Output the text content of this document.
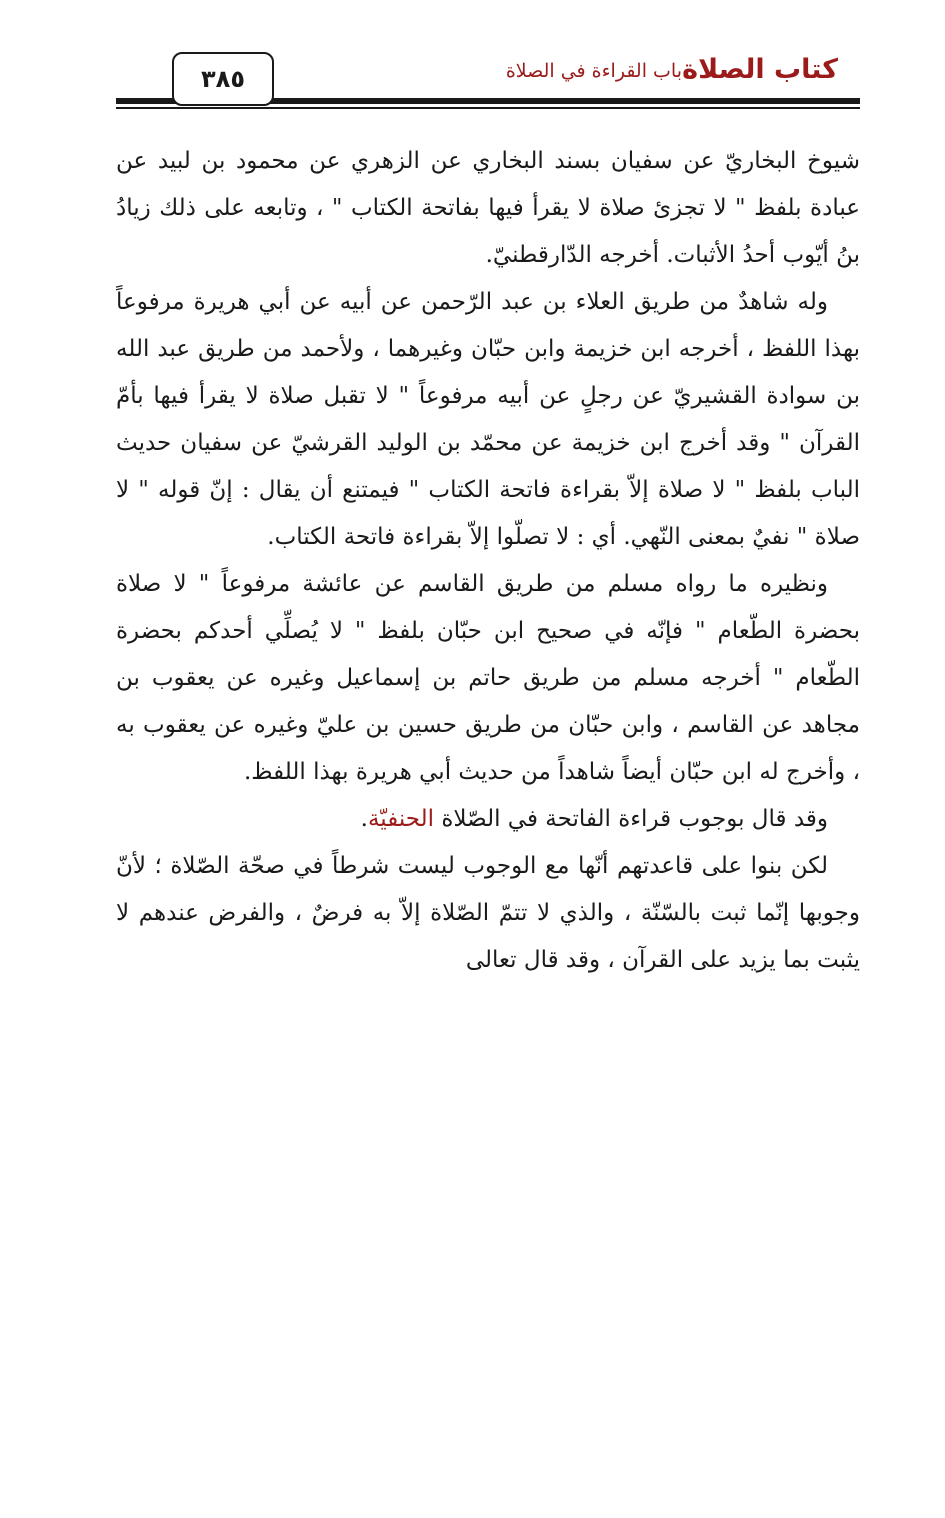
كتاب الصلاة
باب القراءة في الصلاة
٣٨٥

شيوخ البخاريّ عن سفيان بسند البخاري عن الزهري عن محمود بن لبيد عن عبادة بلفظ " لا تجزئ صلاة لا يقرأ فيها بفاتحة الكتاب " ، وتابعه على ذلك زيادُ بنُ أيّوب أحدُ الأثبات. أخرجه الدّارقطنيّ.

وله شاهدٌ من طريق العلاء بن عبد الرّحمن عن أبيه عن أبي هريرة مرفوعاً بهذا اللفظ ، أخرجه ابن خزيمة وابن حبّان وغيرهما ، ولأحمد من طريق عبد الله بن سوادة القشيريّ عن رجلٍ عن أبيه مرفوعاً " لا تقبل صلاة لا يقرأ فيها بأمّ القرآن " وقد أخرج ابن خزيمة عن محمّد بن الوليد القرشيّ عن سفيان حديث الباب بلفظ " لا صلاة إلاّ بقراءة فاتحة الكتاب " فيمتنع أن يقال : إنّ قوله " لا صلاة " نفيٌ بمعنى النّهي. أي : لا تصلّوا إلاّ بقراءة فاتحة الكتاب.

ونظيره ما رواه مسلم من طريق القاسم عن عائشة مرفوعاً " لا صلاة بحضرة الطّعام " فإنّه في صحيح ابن حبّان بلفظ " لا يُصلِّي أحدكم بحضرة الطّعام " أخرجه مسلم من طريق حاتم بن إسماعيل وغيره عن يعقوب بن مجاهد عن القاسم ، وابن حبّان من طريق حسين بن عليّ وغيره عن يعقوب به ، وأخرج له ابن حبّان أيضاً شاهداً من حديث أبي هريرة بهذا اللفظ.

وقد قال بوجوب قراءة الفاتحة في الصّلاة الحنفيّة.

لكن بنوا على قاعدتهم أنّها مع الوجوب ليست شرطاً في صحّة الصّلاة ؛ لأنّ وجوبها إنّما ثبت بالسّنّة ، والذي لا تتمّ الصّلاة إلاّ به فرضٌ ، والفرض عندهم لا يثبت بما يزيد على القرآن ، وقد قال تعالى
